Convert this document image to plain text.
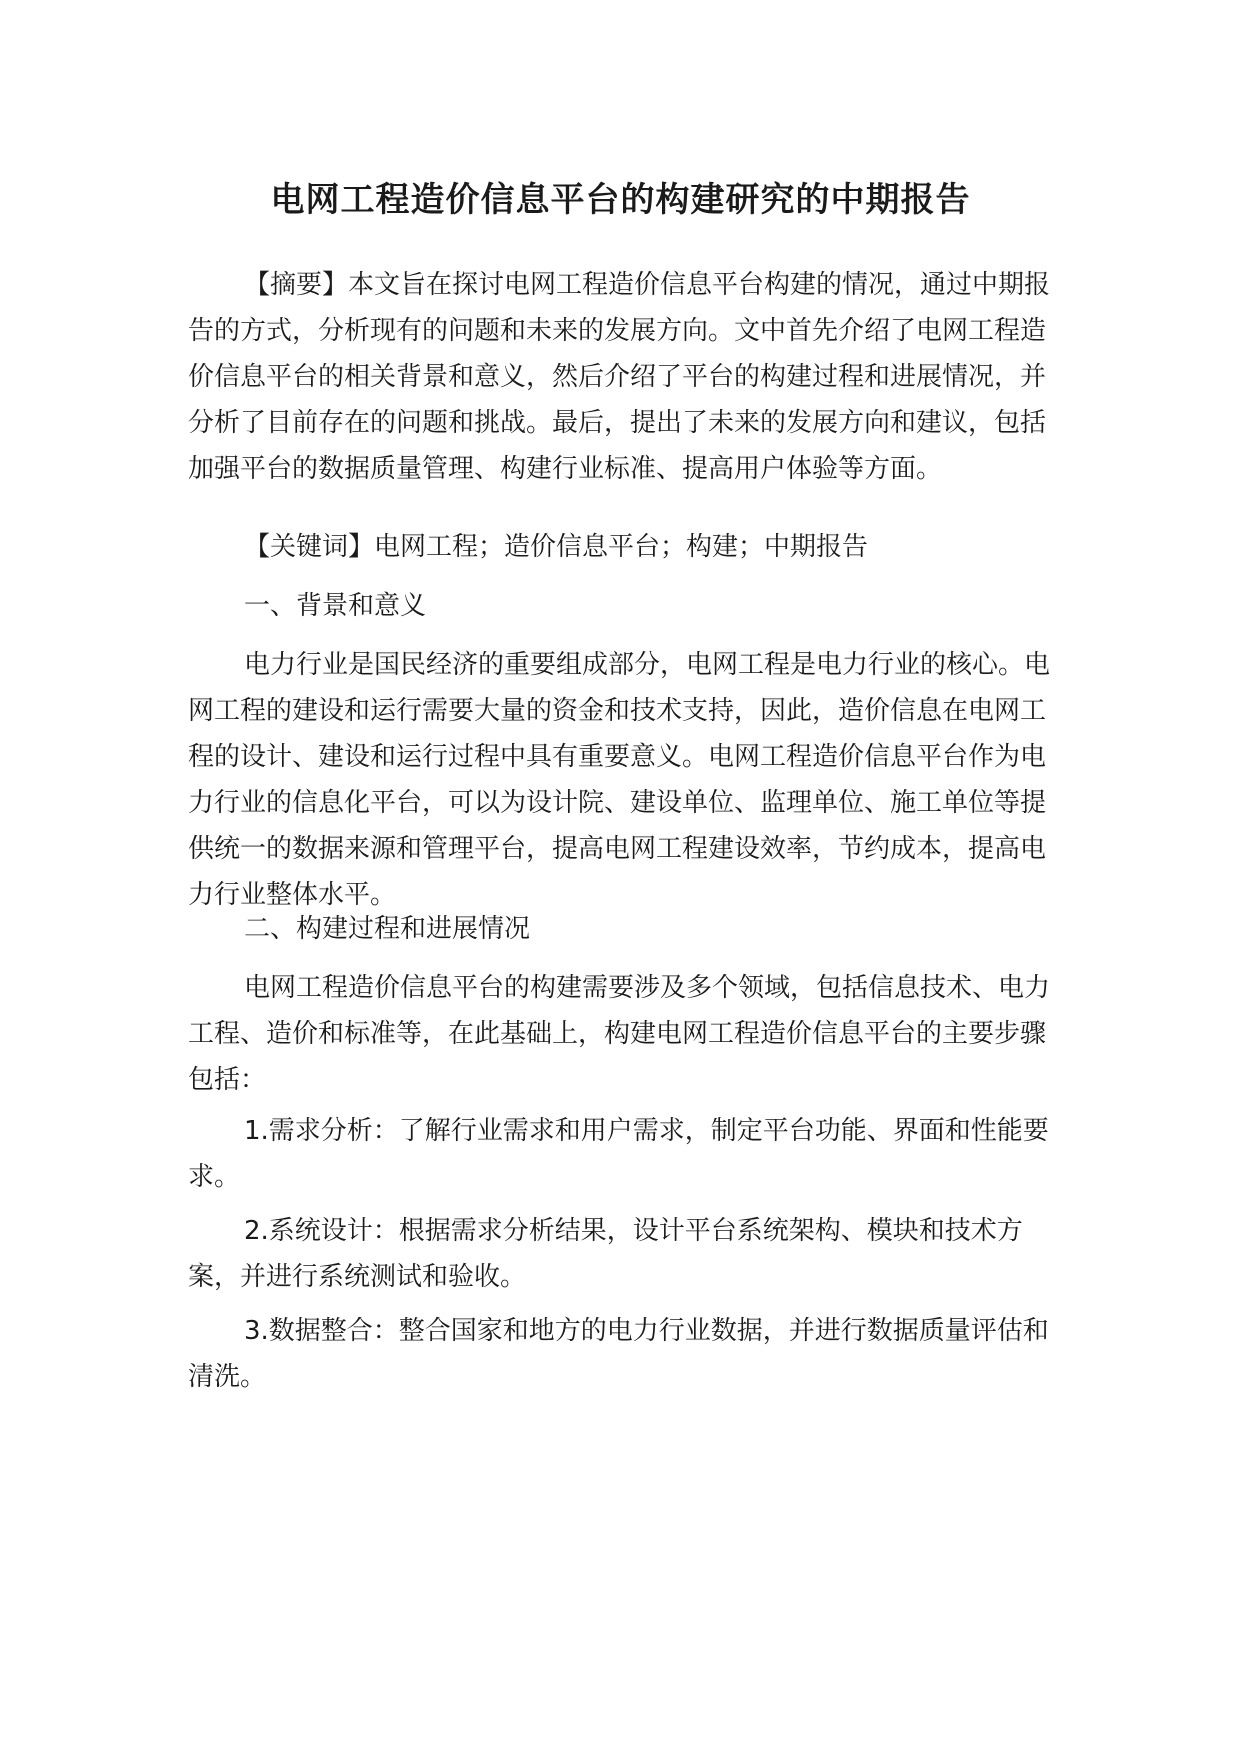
电网工程造价信息平台的构建研究的中期报告

【摘要】本文旨在探讨电网工程造价信息平台构建的情况，通过中期报告的方式，分析现有的问题和未来的发展方向。文中首先介绍了电网工程造价信息平台的相关背景和意义，然后介绍了平台的构建过程和进展情况，并分析了目前存在的问题和挑战。最后，提出了未来的发展方向和建议，包括加强平台的数据质量管理、构建行业标准、提高用户体验等方面。

【关键词】电网工程；造价信息平台；构建；中期报告

一、背景和意义

电力行业是国民经济的重要组成部分，电网工程是电力行业的核心。电网工程的建设和运行需要大量的资金和技术支持，因此，造价信息在电网工程的设计、建设和运行过程中具有重要意义。电网工程造价信息平台作为电力行业的信息化平台，可以为设计院、建设单位、监理单位、施工单位等提供统一的数据来源和管理平台，提高电网工程建设效率，节约成本，提高电力行业整体水平。

二、构建过程和进展情况

电网工程造价信息平台的构建需要涉及多个领域，包括信息技术、电力工程、造价和标准等，在此基础上，构建电网工程造价信息平台的主要步骤包括：

1.需求分析：了解行业需求和用户需求，制定平台功能、界面和性能要求。

2.系统设计：根据需求分析结果，设计平台系统架构、模块和技术方案，并进行系统测试和验收。

3.数据整合：整合国家和地方的电力行业数据，并进行数据质量评估和清洗。
